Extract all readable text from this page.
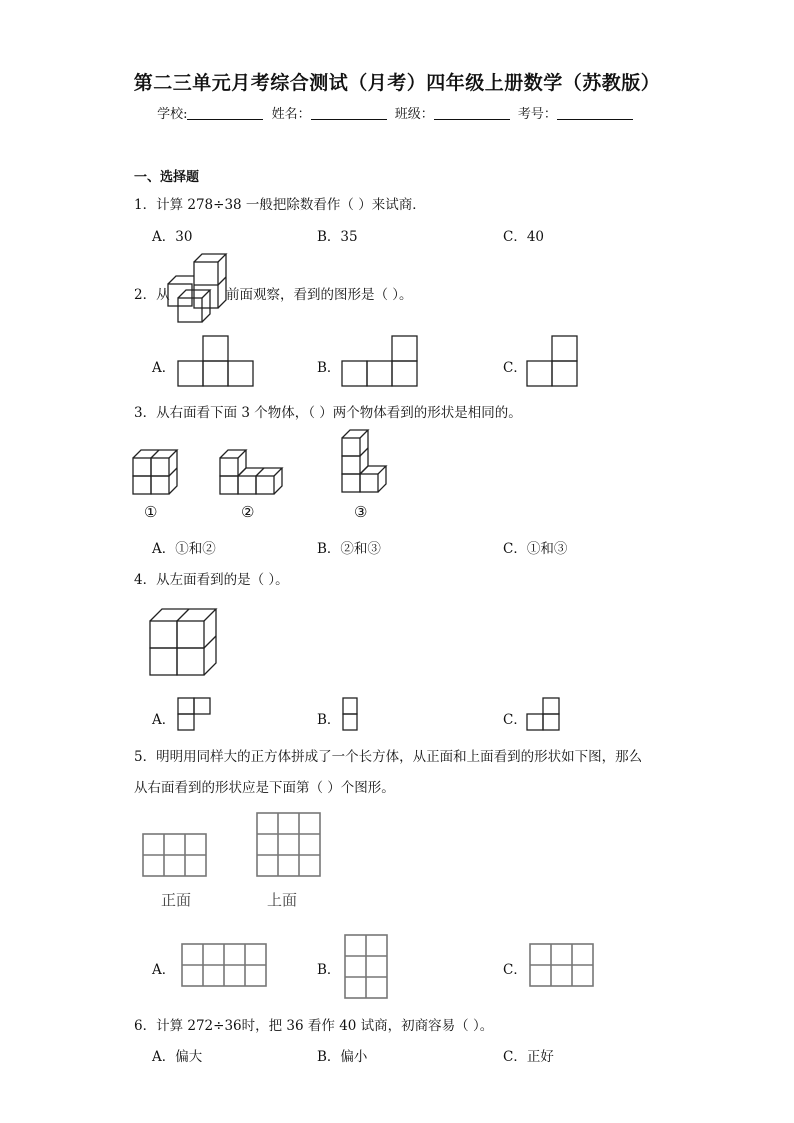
第二三单元月考综合测试（月考）四年级上册数学（苏教版）
学校:	姓名：	班级：	考号：
一、选择题
1．计算 278÷38 一般把除数看作（ ）来试商．
A．30	B．35	C．40
2．从	前面观察，看到的图形是（ ）。
A．	B．	C．
3．从右面看下面 3 个物体，（ ）两个物体看到的形状是相同的。
①	②	③
A．①和②	B．②和③	C．①和③
4．从左面看到的是（ ）。
A．	B．	C．
5．明明用同样大的正方体拼成了一个长方体，从正面和上面看到的形状如下图，那么
从右面看到的形状应是下面第（ ）个图形。
正面	上面
A．	B．	C．
6．计算 272÷36时，把 36 看作 40 试商，初商容易（ ）。
A．偏大	B．偏小	C．正好
